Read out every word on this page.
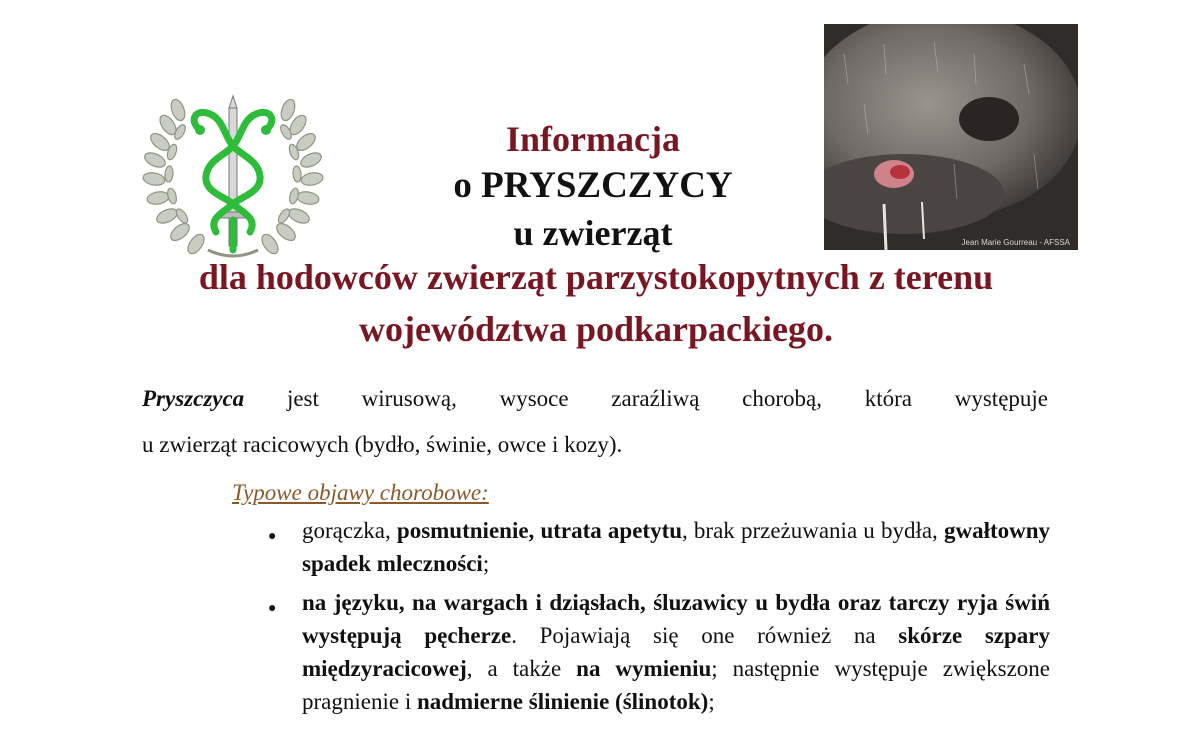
Jean Marie Gourreau - AFSSA
Informacja
o PRYSZCZYCY
u zwierząt
dla hodowców zwierząt parzystokopytnych z terenu
województwa podkarpackiego.
Pryszczyca jest wirusową, wysoce zaraźliwą chorobą, która występuje
u zwierząt racicowych (bydło, świnie, owce i kozy).
Typowe objawy chorobowe:
● gorączka, posmutnienie, utrata apetytu, brak przeżuwania u bydła, gwałtowny spadek mleczności;
● na języku, na wargach i dziąsłach, śluzawicy u bydła oraz tarczy ryja świń występują pęcherze. Pojawiają się one również na skórze szpary międzyracicowej, a także na wymieniu; następnie występuje zwiększone pragnienie i nadmierne ślinienie (ślinotok);
